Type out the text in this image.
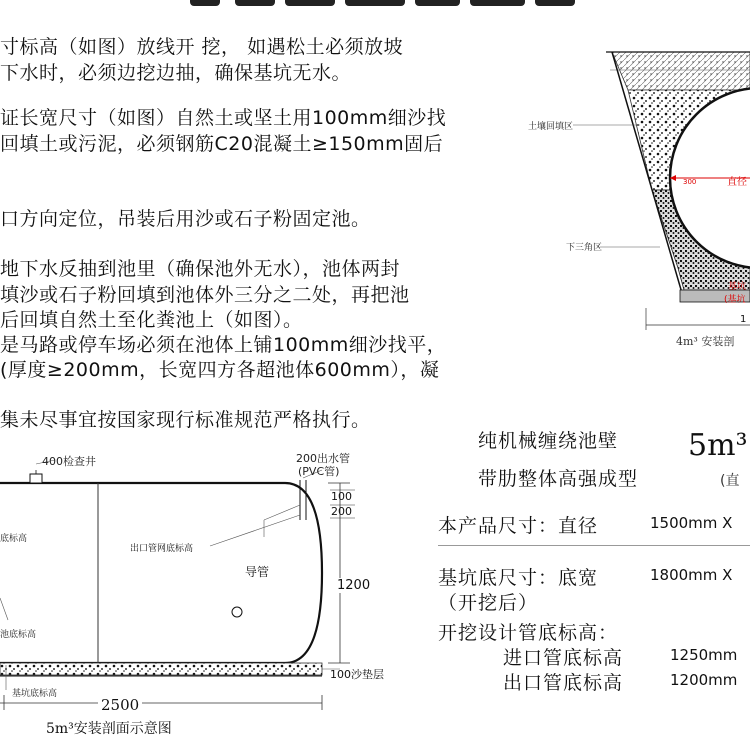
寸标高（如图）放线开 挖， 如遇松土必须放坡
下水时，必须边挖边抽，确保基坑无水。
证长宽尺寸（如图）自然土或坚土用100mm细沙找
回填土或污泥，必须钢筋C20混凝土≥150mm固后
口方向定位，吊装后用沙或石子粉固定池。
地下水反抽到池里（确保池外无水），池体两封
填沙或石子粉回填到池体外三分之二处，再把池
后回填自然土至化粪池上（如图）。
是马路或停车场必须在池体上铺100mm细沙找平，
(厚度≥200mm，长宽四方各超池体600mm），凝
集未尽事宜按国家现行标准规范严格执行。
土壤回填区
下三角区
直径
300
基坑
(基坑
1
4m³ 安装剖
400检查井	200出水管
(PVC管)
100
200
出口管网底标高
导管
1200
底标高
池底标高
基坑底标高
100沙垫层
2500
5m³安装剖面示意图
纯机械缠绕池壁
带肋整体高强成型
5m³
(直
本产品尺寸：直径	1500mm X
基坑底尺寸：底宽	1800mm X
（开挖后）
开挖设计管底标高：
进口管底标高	1250mm
出口管底标高	1200mm
